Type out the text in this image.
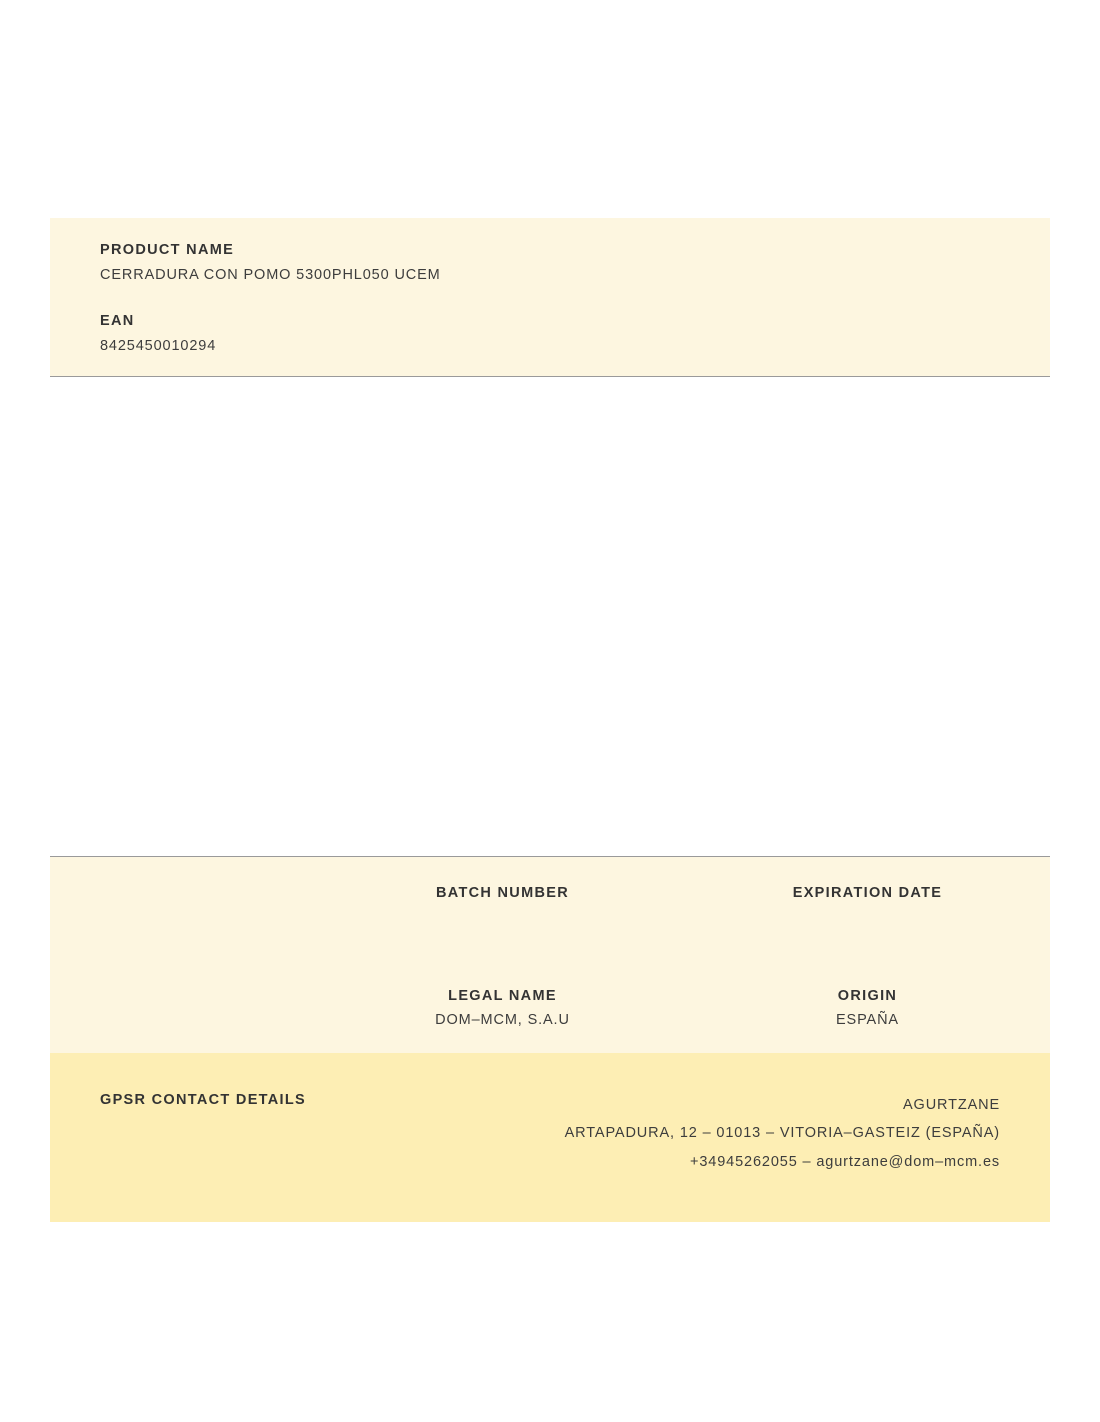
PRODUCT NAME

CERRADURA CON POMO 5300PHL050 UCEM

EAN

8425450010294

BATCH NUMBER	EXPIRATION DATE

LEGAL NAME

DOM–MCM, S.A.U

ORIGIN

ESPAÑA

GPSR CONTACT DETAILS	AGURTZANE
ARTAPADURA, 12 – 01013 – VITORIA–GASTEIZ (ESPAÑA)
+34945262055 – agurtzane@dom–mcm.es
